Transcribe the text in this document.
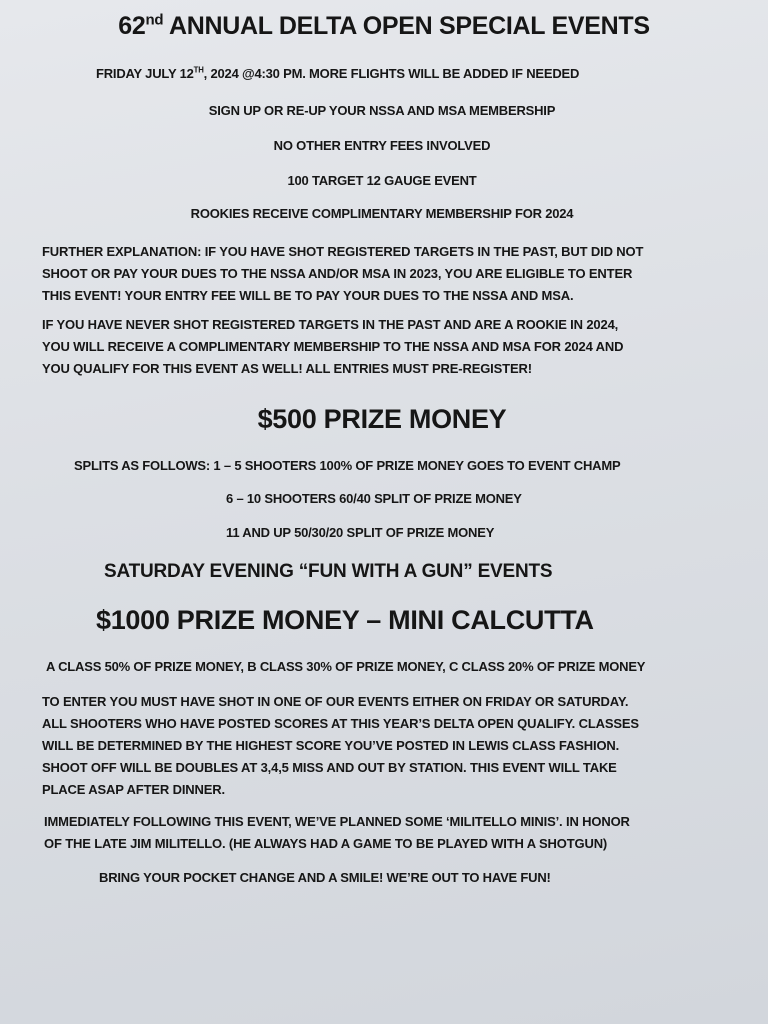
62nd ANNUAL DELTA OPEN SPECIAL EVENTS

FRIDAY JULY 12TH, 2024 @4:30 PM. MORE FLIGHTS WILL BE ADDED IF NEEDED

SIGN UP OR RE-UP YOUR NSSA AND MSA MEMBERSHIP

NO OTHER ENTRY FEES INVOLVED

100 TARGET 12 GAUGE EVENT

ROOKIES RECEIVE COMPLIMENTARY MEMBERSHIP FOR 2024

FURTHER EXPLANATION: IF YOU HAVE SHOT REGISTERED TARGETS IN THE PAST, BUT DID NOT
SHOOT OR PAY YOUR DUES TO THE NSSA AND/OR MSA IN 2023, YOU ARE ELIGIBLE TO ENTER
THIS EVENT! YOUR ENTRY FEE WILL BE TO PAY YOUR DUES TO THE NSSA AND MSA.
IF YOU HAVE NEVER SHOT REGISTERED TARGETS IN THE PAST AND ARE A ROOKIE IN 2024,
YOU WILL RECEIVE A COMPLIMENTARY MEMBERSHIP TO THE NSSA AND MSA FOR 2024 AND
YOU QUALIFY FOR THIS EVENT AS WELL! ALL ENTRIES MUST PRE-REGISTER!
$500 PRIZE MONEY

SPLITS AS FOLLOWS: 1 – 5 SHOOTERS 100% OF PRIZE MONEY GOES TO EVENT CHAMP

6 – 10 SHOOTERS 60/40 SPLIT OF PRIZE MONEY

11 AND UP 50/30/20 SPLIT OF PRIZE MONEY

SATURDAY EVENING “FUN WITH A GUN” EVENTS
$1000 PRIZE MONEY – MINI CALCUTTA

A CLASS 50% OF PRIZE MONEY, B CLASS 30% OF PRIZE MONEY, C CLASS 20% OF PRIZE MONEY

TO ENTER YOU MUST HAVE SHOT IN ONE OF OUR EVENTS EITHER ON FRIDAY OR SATURDAY.
ALL SHOOTERS WHO HAVE POSTED SCORES AT THIS YEAR’S DELTA OPEN QUALIFY. CLASSES
WILL BE DETERMINED BY THE HIGHEST SCORE YOU’VE POSTED IN LEWIS CLASS FASHION.
SHOOT OFF WILL BE DOUBLES AT 3,4,5 MISS AND OUT BY STATION. THIS EVENT WILL TAKE
PLACE ASAP AFTER DINNER.
IMMEDIATELY FOLLOWING THIS EVENT, WE’VE PLANNED SOME ‘MILITELLO MINIS’. IN HONOR
OF THE LATE JIM MILITELLO. (HE ALWAYS HAD A GAME TO BE PLAYED WITH A SHOTGUN)

BRING YOUR POCKET CHANGE AND A SMILE! WE’RE OUT TO HAVE FUN!
